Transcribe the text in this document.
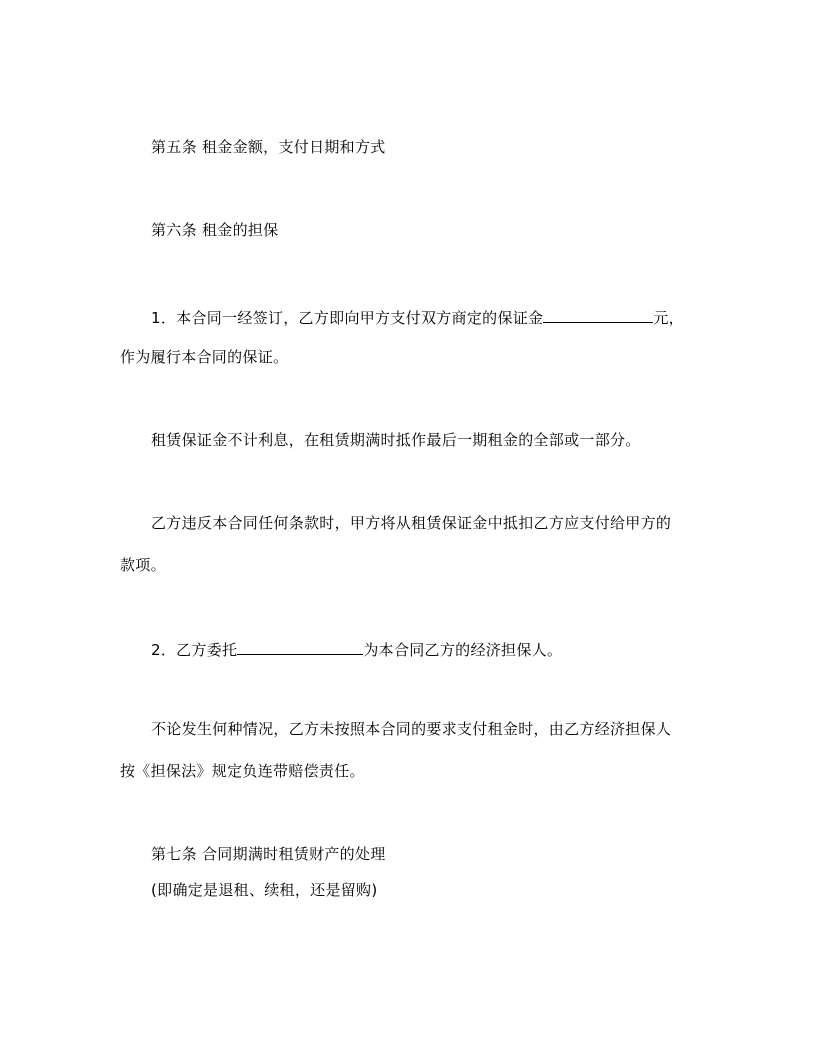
第五条 租金金额，支付日期和方式
第六条 租金的担保
1．本合同一经签订，乙方即向甲方支付双方商定的保证金	元，
作为履行本合同的保证。
租赁保证金不计利息，在租赁期满时抵作最后一期租金的全部或一部分。
乙方违反本合同任何条款时，甲方将从租赁保证金中抵扣乙方应支付给甲方的
款项。
2．乙方委托	为本合同乙方的经济担保人。
不论发生何种情况，乙方未按照本合同的要求支付租金时，由乙方经济担保人
按《担保法》规定负连带赔偿责任。
第七条 合同期满时租赁财产的处理
(即确定是退租、续租，还是留购)
